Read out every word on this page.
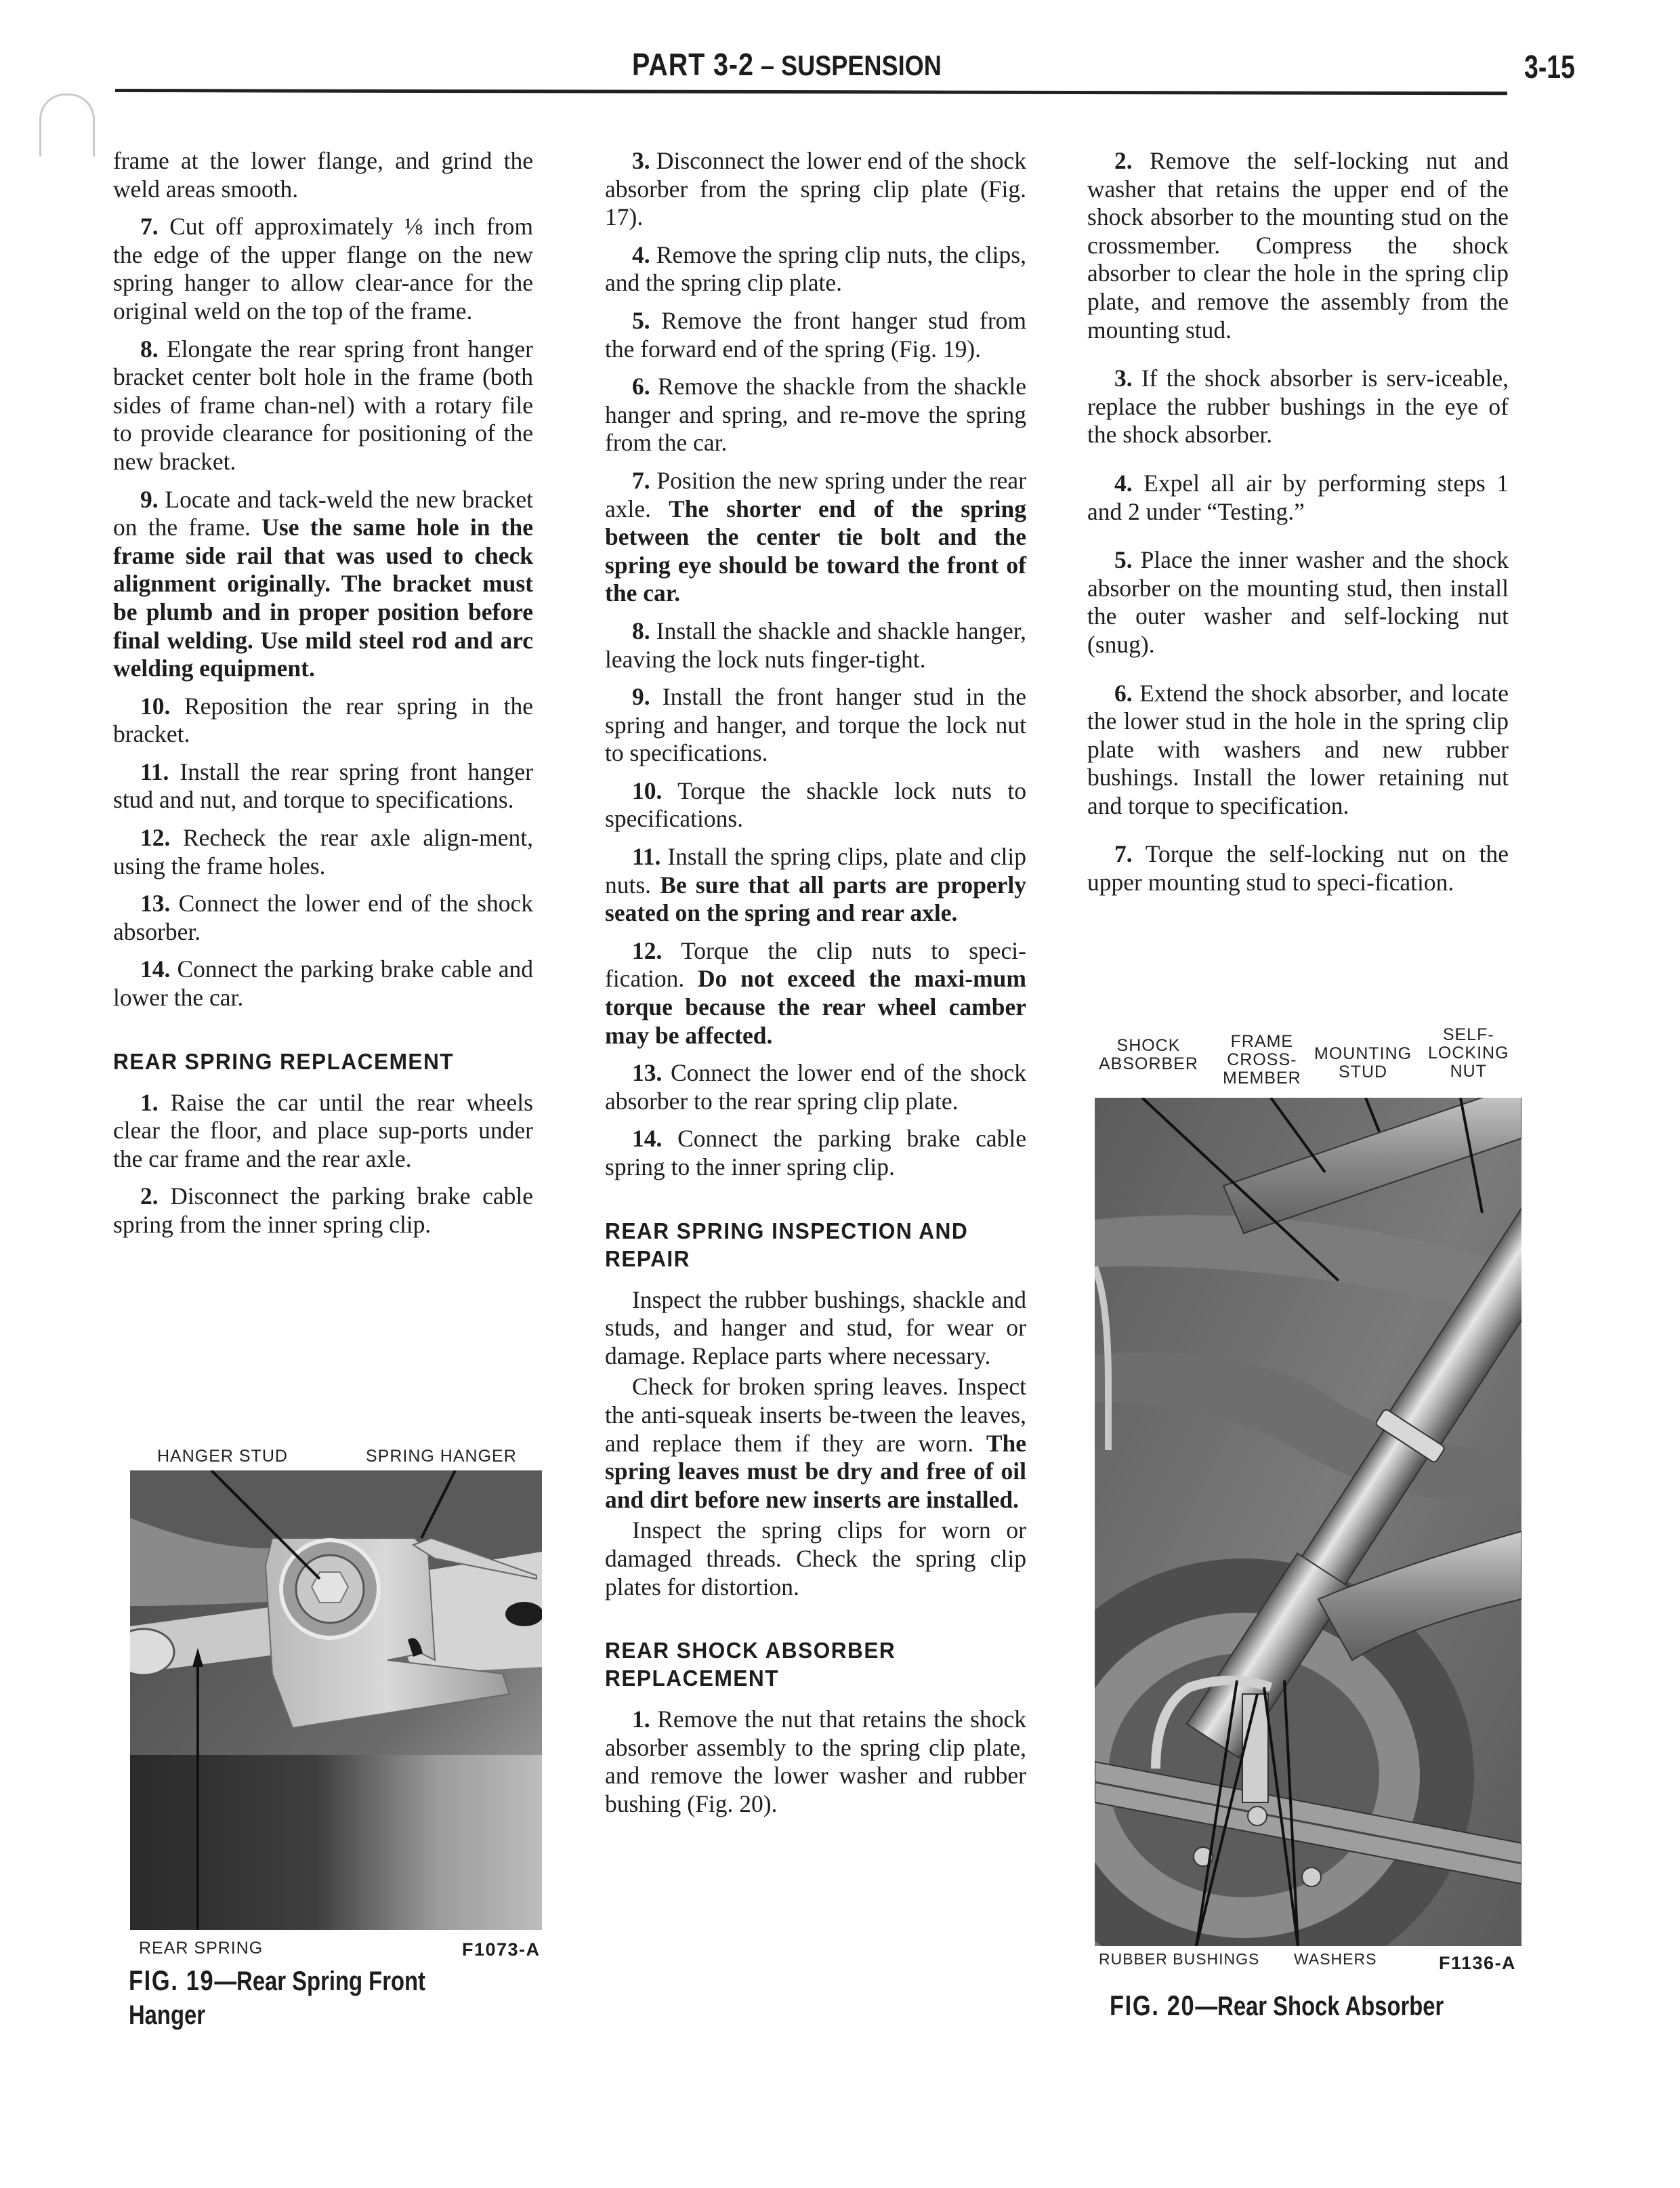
PART 3-2 – SUSPENSION	3-15

frame at the lower flange, and grind the weld areas smooth.

7. Cut off approximately ⅛ inch from the edge of the upper flange on the new spring hanger to allow clear-ance for the original weld on the top of the frame.

8. Elongate the rear spring front hanger bracket center bolt hole in the frame (both sides of frame chan-nel) with a rotary file to provide clearance for positioning of the new bracket.

9. Locate and tack-weld the new bracket on the frame. Use the same hole in the frame side rail that was used to check alignment originally. The bracket must be plumb and in proper position before final welding. Use mild steel rod and arc welding equipment.

10. Reposition the rear spring in the bracket.

11. Install the rear spring front hanger stud and nut, and torque to specifications.

12. Recheck the rear axle align-ment, using the frame holes.

13. Connect the lower end of the shock absorber.

14. Connect the parking brake cable and lower the car.

REAR SPRING REPLACEMENT

1. Raise the car until the rear wheels clear the floor, and place sup-ports under the car frame and the rear axle.

2. Disconnect the parking brake cable spring from the inner spring clip.

HANGER STUD	SPRING HANGER
REAR SPRING	F1073-A
FIG. 19—Rear Spring Front
Hanger

3. Disconnect the lower end of the shock absorber from the spring clip plate (Fig. 17).

4. Remove the spring clip nuts, the clips, and the spring clip plate.

5. Remove the front hanger stud from the forward end of the spring (Fig. 19).

6. Remove the shackle from the shackle hanger and spring, and re-move the spring from the car.

7. Position the new spring under the rear axle. The shorter end of the spring between the center tie bolt and the spring eye should be toward the front of the car.

8. Install the shackle and shackle hanger, leaving the lock nuts finger-tight.

9. Install the front hanger stud in the spring and hanger, and torque the lock nut to specifications.

10. Torque the shackle lock nuts to specifications.

11. Install the spring clips, plate and clip nuts. Be sure that all parts are properly seated on the spring and rear axle.

12. Torque the clip nuts to speci-fication. Do not exceed the maxi-mum torque because the rear wheel camber may be affected.

13. Connect the lower end of the shock absorber to the rear spring clip plate.

14. Connect the parking brake cable spring to the inner spring clip.

REAR SPRING INSPECTION AND REPAIR

Inspect the rubber bushings, shackle and studs, and hanger and stud, for wear or damage. Replace parts where necessary.

Check for broken spring leaves. Inspect the anti-squeak inserts be-tween the leaves, and replace them if they are worn. The spring leaves must be dry and free of oil and dirt before new inserts are installed.

Inspect the spring clips for worn or damaged threads. Check the spring clip plates for distortion.

REAR SHOCK ABSORBER REPLACEMENT

1. Remove the nut that retains the shock absorber assembly to the spring clip plate, and remove the lower washer and rubber bushing (Fig. 20).

2. Remove the self-locking nut and washer that retains the upper end of the shock absorber to the mounting stud on the crossmember. Compress the shock absorber to clear the hole in the spring clip plate, and remove the assembly from the mounting stud.

3. If the shock absorber is serv-iceable, replace the rubber bushings in the eye of the shock absorber.

4. Expel all air by performing steps 1 and 2 under “Testing.”

5. Place the inner washer and the shock absorber on the mounting stud, then install the outer washer and self-locking nut (snug).

6. Extend the shock absorber, and locate the lower stud in the hole in the spring clip plate with washers and new rubber bushings. Install the lower retaining nut and torque to specification.

7. Torque the self-locking nut on the upper mounting stud to speci-fication.

SHOCK
ABSORBER
FRAME
CROSS-
MEMBER
MOUNTING
STUD
SELF-
LOCKING
NUT
RUBBER BUSHINGS WASHERS	F1136-A
FIG. 20—Rear Shock Absorber
